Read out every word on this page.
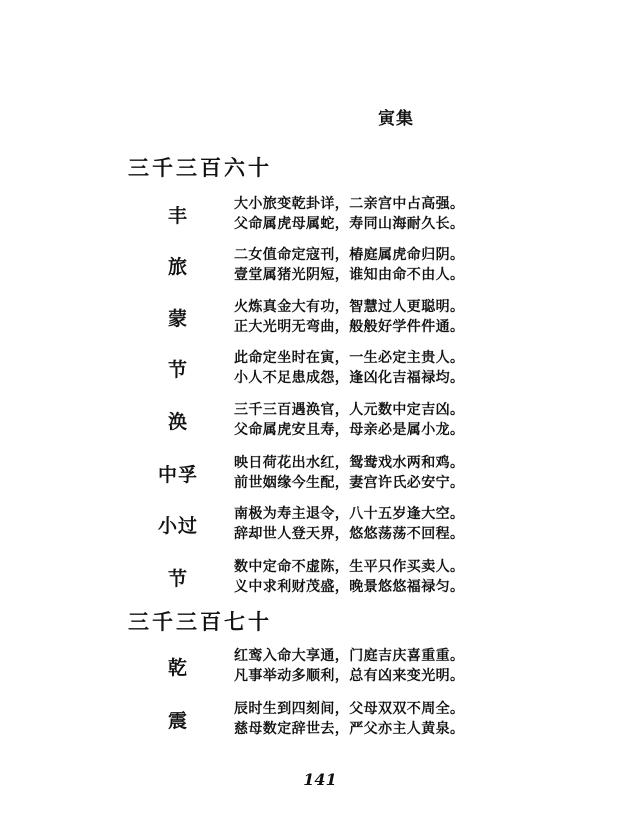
寅集
三千三百六十
丰
大小旅变乾卦详，二亲宫中占高强。
父命属虎母属蛇，寿同山海耐久长。
旅
二女值命定寇刊，椿庭属虎命归阴。
壹堂属猪光阴短，谁知由命不由人。
蒙
火炼真金大有功，智慧过人更聪明。
正大光明无弯曲，般般好学件件通。
节
此命定坐时在寅，一生必定主贵人。
小人不足患成怨，逢凶化吉福禄均。
涣
三千三百遇涣官，人元数中定吉凶。
父命属虎安且寿，母亲必是属小龙。
中孚
映日荷花出水红，鸳鸯戏水两和鸡。
前世姻缘今生配，妻宫许氏必安宁。
小过
南极为寿主退令，八十五岁逢大空。
辞却世人登天界，悠悠荡荡不回程。
节
数中定命不虚陈，生平只作买卖人。
义中求利财茂盛，晚景悠悠福禄匀。
三千三百七十
乾
红鸾入命大享通，门庭吉庆喜重重。
凡事举动多顺利，总有凶来变光明。
震
辰时生到四刻间，父母双双不周全。
慈母数定辞世去，严父亦主人黄泉。
141
